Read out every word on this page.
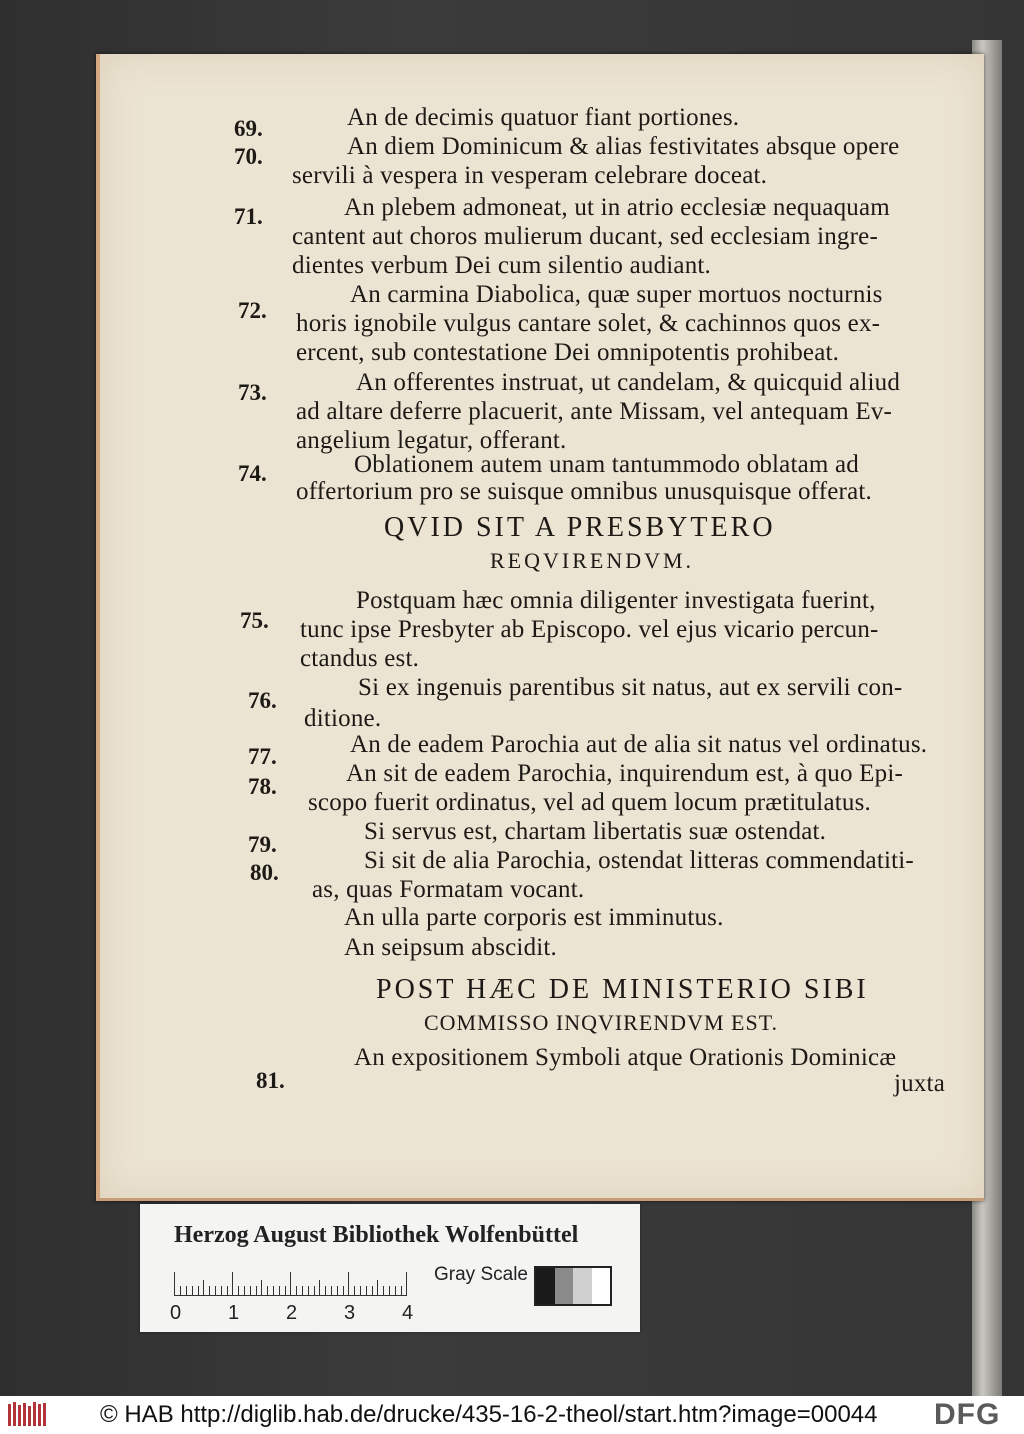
An de decimis quatuor fiant portiones.
An diem Dominicum & alias festivitates absque opere
servili à vespera in vesperam celebrare doceat.
An plebem admoneat, ut in atrio ecclesiæ nequaquam
cantent aut choros mulierum ducant, sed ecclesiam ingre-
dientes verbum Dei cum silentio audiant.
An carmina Diabolica, quæ super mortuos nocturnis
horis ignobile vulgus cantare solet, & cachinnos quos ex-
ercent, sub contestatione Dei omnipotentis prohibeat.
An offerentes instruat, ut candelam, & quicquid aliud
ad altare deferre placuerit, ante Missam, vel antequam Ev-
angelium legatur, offerant.
Oblationem autem unam tantummodo oblatam ad
offertorium pro se suisque omnibus unusquisque offerat.
QVID SIT A PRESBYTERO
REQVIRENDVM.
Postquam hæc omnia diligenter investigata fuerint,
tunc ipse Presbyter ab Episcopo. vel ejus vicario percun-
ctandus est.
Si ex ingenuis parentibus sit natus, aut ex servili con-
ditione.
An de eadem Parochia aut de alia sit natus vel ordinatus.
An sit de eadem Parochia, inquirendum est, à quo Epi-
scopo fuerit ordinatus, vel ad quem locum prætitulatus.
Si servus est, chartam libertatis suæ ostendat.
Si sit de alia Parochia, ostendat litteras commendatiti-
as, quas Formatam vocant.
An ulla parte corporis est imminutus.
An seipsum abscidit.
POST HÆC DE MINISTERIO SIBI
COMMISSO INQVIRENDVM EST.
An expositionem Symboli atque Orationis Dominicæ
juxta
69.
70.
71.
72.
73.
74.
75.
76.
77.
78.
79.
80.
81.
Herzog August Bibliothek Wolfenbüttel
0 1 2 3 4
Gray Scale
© HAB http://diglib.hab.de/drucke/435-16-2-theol/start.htm?image=00044 DFG
